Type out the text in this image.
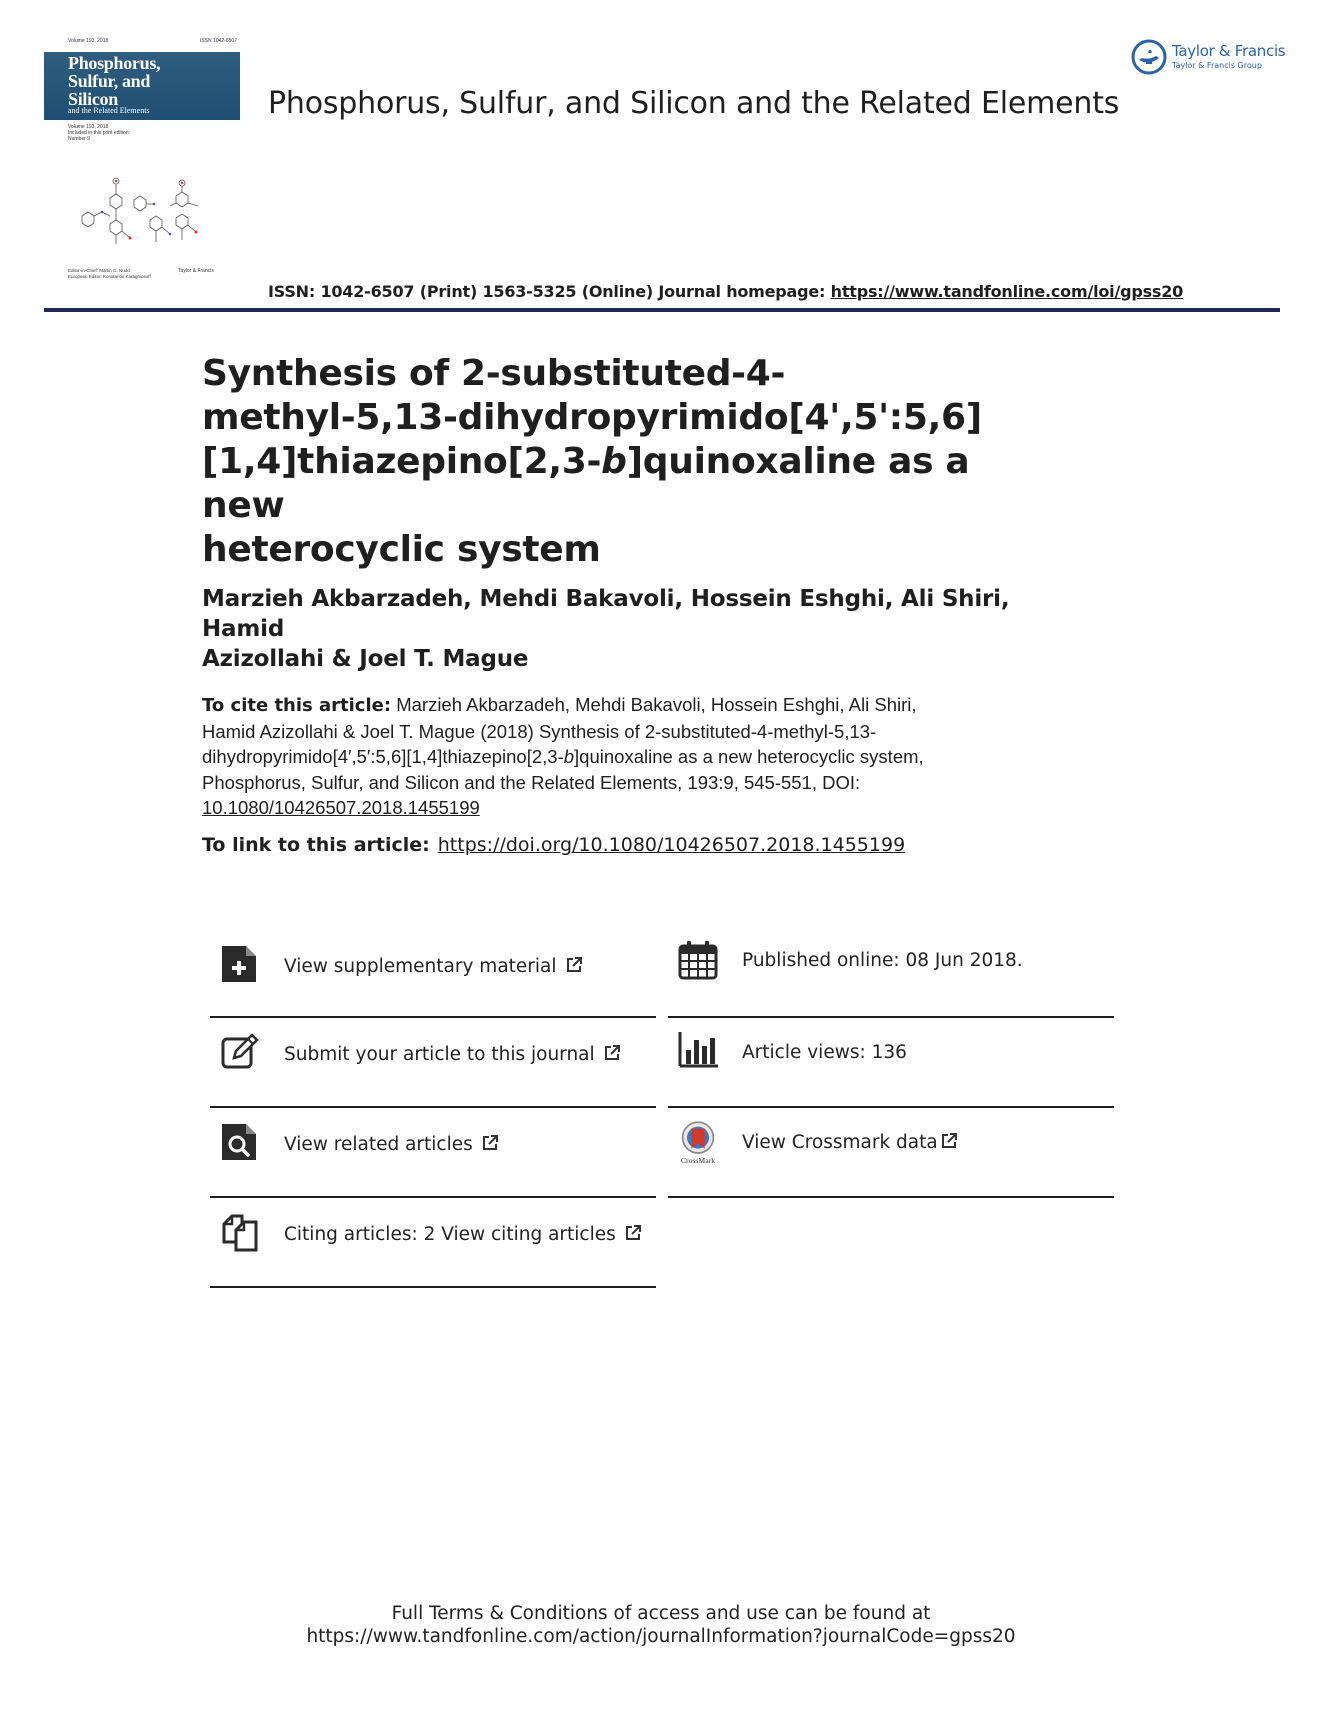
Volume 193, 2018	ISSN 1042-6507
Phosphorus,
Sulfur, and
Silicon
and the Related Elements
Volume 193, 2018
Included in this print edition:
Number 9
Editor-in-Chief: Martin G. Nudd
European Editor: Konstantin Karaghiosoff
Taylor & Francis
Phosphorus, Sulfur, and Silicon and the Related Elements
Taylor & Francis
Taylor & Francis Group
ISSN: 1042-6507 (Print) 1563-5325 (Online) Journal homepage: https://www.tandfonline.com/loi/gpss20
Synthesis of 2-substituted-4-
methyl-5,13-dihydropyrimido[4',5':5,6]
[1,4]thiazepino[2,3-b]quinoxaline as a new
heterocyclic system
Marzieh Akbarzadeh, Mehdi Bakavoli, Hossein Eshghi, Ali Shiri, Hamid
Azizollahi & Joel T. Mague
To cite this article: Marzieh Akbarzadeh, Mehdi Bakavoli, Hossein Eshghi, Ali Shiri,
Hamid Azizollahi & Joel T. Mague (2018) Synthesis of 2-substituted-4-methyl-5,13-
dihydropyrimido[4′,5′:5,6][1,4]thiazepino[2,3-b]quinoxaline as a new heterocyclic system,
Phosphorus, Sulfur, and Silicon and the Related Elements, 193:9, 545-551, DOI:
10.1080/10426507.2018.1455199
To link to this article: https://doi.org/10.1080/10426507.2018.1455199
View supplementary material
Submit your article to this journal
View related articles
Citing articles: 2 View citing articles
Published online: 08 Jun 2018.
Article views: 136
CrossMark
View Crossmark data
Full Terms & Conditions of access and use can be found at
https://www.tandfonline.com/action/journalInformation?journalCode=gpss20
